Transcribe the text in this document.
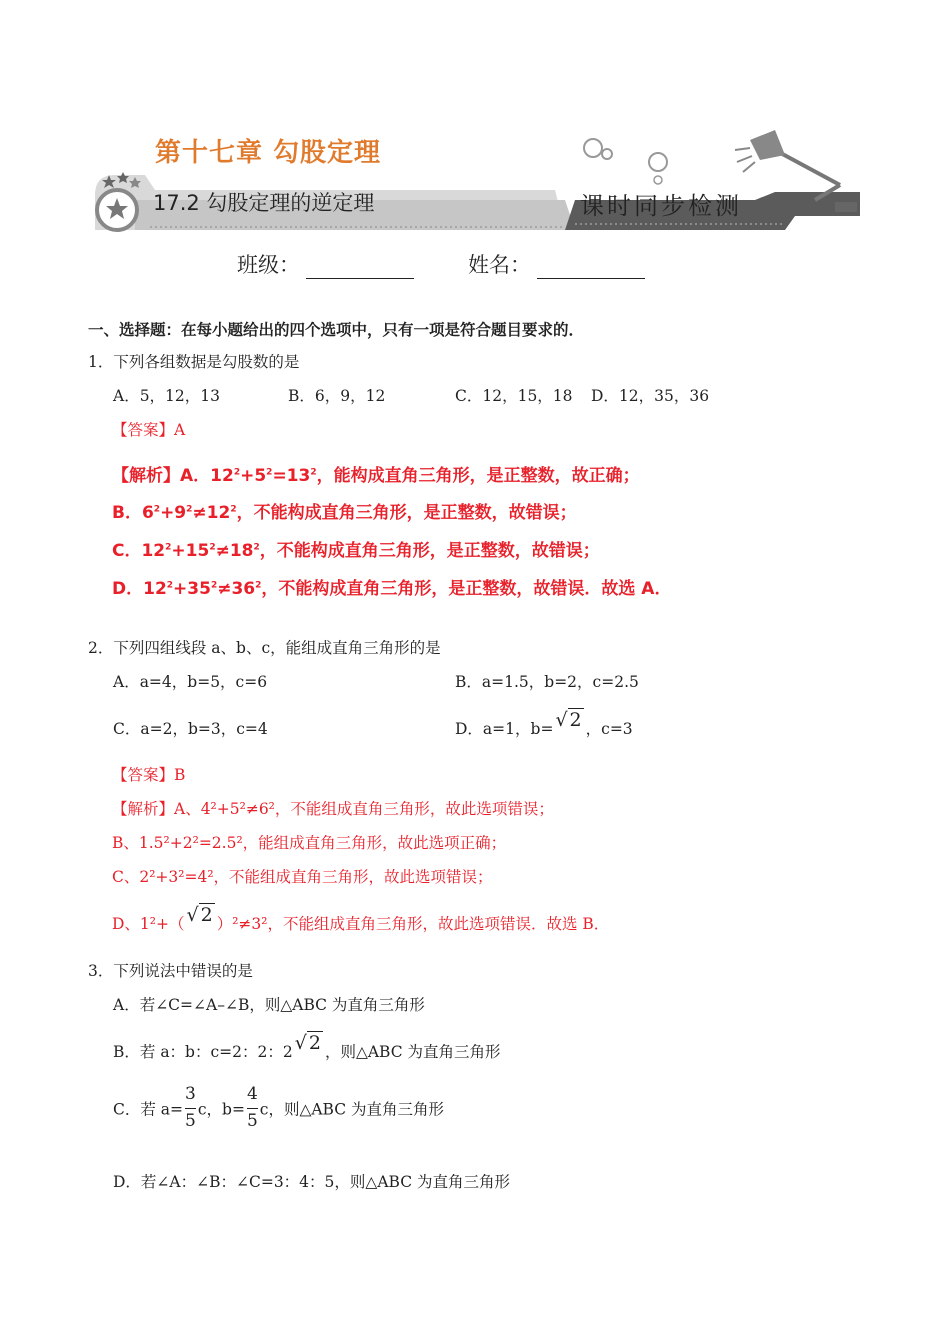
第十七章 勾股定理
17.2 勾股定理的逆定理	课时同步检测
班级：	姓名：
一、选择题：在每小题给出的四个选项中，只有一项是符合题目要求的．
1．下列各组数据是勾股数的是
A．5，12，13	B．6，9，12	C．12，15，18 D．12，35，36
【答案】A
【解析】A．$12^2+5^2=13^2$，能构成直角三角形，是正整数，故正确；
B．$6^2+9^2\ne 12^2$，不能构成直角三角形，是正整数，故错误；
C．$12^2+15^2\ne 18^2$，不能构成直角三角形，是正整数，故错误；
D．$12^2+35^2\ne 36^2$，不能构成直角三角形，是正整数，故错误．故选 A．
2．下列四组线段 a、b、c，能组成直角三角形的是
A．a=4，b=5，c=6	B．a=1.5，b=2，c=2.5
C．a=2，b=3，c=4	D．a=1，b= √ 2 ，c=3
【答案】B
【解析】A、4²+5²≠6²，不能组成直角三角形，故此选项错误；
B、1.5²+2²=2.5²，能组成直角三角形，故此选项正确；
C、2²+3²=4²，不能组成直角三角形，故此选项错误；
D、1²+（ √ 2 ）²≠3²，不能组成直角三角形，故此选项错误．故选 B．
3．下列说法中错误的是
A．若∠C=∠A–∠B，则△ABC 为直角三角形
B．若 a：b：c=2：2：2 √ 2 ，则△ABC 为直角三角形
C．若 $a= \frac{3}{5}$ c，$b= \frac{4}{5}$ c，则△ABC 为直角三角形
D．若∠A：∠B：∠C=3：4：5，则△ABC 为直角三角形
